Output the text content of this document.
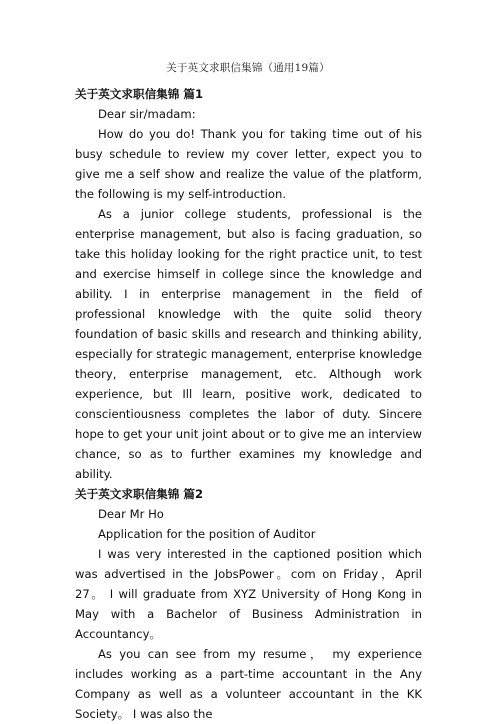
关于英文求职信集锦（通用19篇）

关于英文求职信集锦 篇1

Dear sir/madam:

How do you do! Thank you for taking time out of his busy schedule to review my cover letter, expect you to give me a self show and realize the value of the platform, the following is my self-introduction.

As a junior college students, professional is the enterprise management, but also is facing graduation, so take this holiday looking for the right practice unit, to test and exercise himself in college since the knowledge and ability. I in enterprise management in the field of professional knowledge with the quite solid theory foundation of basic skills and research and thinking ability, especially for strategic management, enterprise knowledge theory, enterprise management, etc. Although work experience, but Ill learn, positive work, dedicated to conscientiousness completes the labor of duty. Sincere hope to get your unit joint about or to give me an interview chance, so as to further examines my knowledge and ability.

关于英文求职信集锦 篇2

Dear Mr Ho

Application for the position of Auditor

I was very interested in the captioned position which was advertised in the JobsPower。com on Friday，April 27。 I will graduate from XYZ University of Hong Kong in May with a Bachelor of Business Administration in Accountancy。

As you can see from my resume， my experience includes working as a part-time accountant in the Any Company as well as a volunteer accountant in the KK Society。 I was also the
